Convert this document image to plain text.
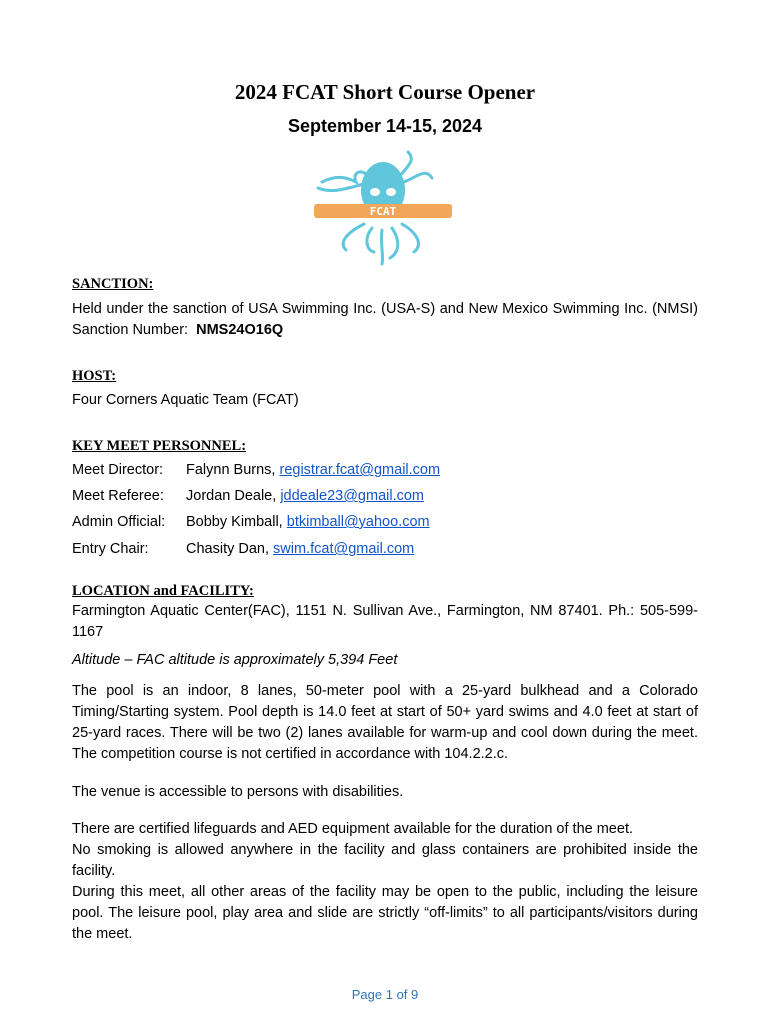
2024 FCAT Short Course Opener
September 14-15, 2024
FCAT
SANCTION:

Held under the sanction of USA Swimming Inc. (USA-S) and New Mexico Swimming Inc. (NMSI) Sanction Number: NMS24O16Q

HOST:
Four Corners Aquatic Team (FCAT)
KEY MEET PERSONNEL:
Meet Director: Falynn Burns, registrar.fcat@gmail.com
Meet Referee: Jordan Deale, jddeale23@gmail.com
Admin Official: Bobby Kimball, btkimball@yahoo.com
Entry Chair:	Chasity Dan, swim.fcat@gmail.com
LOCATION and FACILITY:

Farmington Aquatic Center(FAC), 1151 N. Sullivan Ave., Farmington, NM 87401. Ph.: 505-599-1167

Altitude – FAC altitude is approximately 5,394 Feet

The pool is an indoor, 8 lanes, 50-meter pool with a 25-yard bulkhead and a Colorado Timing/Starting system. Pool depth is 14.0 feet at start of 50+ yard swims and 4.0 feet at start of 25-yard races. There will be two (2) lanes available for warm-up and cool down during the meet. The competition course is not certified in accordance with 104.2.2.c.

The venue is accessible to persons with disabilities.

There are certified lifeguards and AED equipment available for the duration of the meet.

No smoking is allowed anywhere in the facility and glass containers are prohibited inside the facility.

During this meet, all other areas of the facility may be open to the public, including the leisure pool. The leisure pool, play area and slide are strictly “off-limits” to all participants/visitors during the meet.

Page 1 of 9
